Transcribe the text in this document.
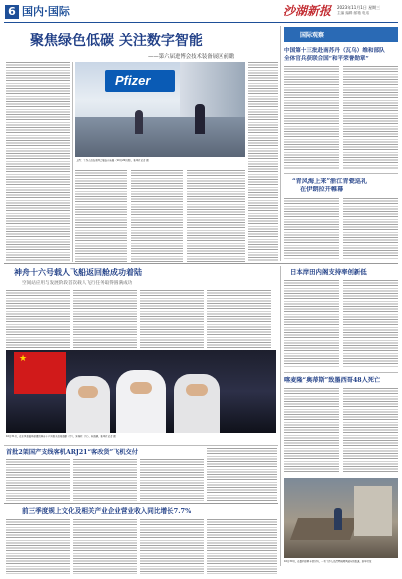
6 国内·国际	沙湖新报 2023年11月1日 星期三
主编 编辑 邮箱 电话
聚焦绿色低碳 关注数字智能
——第六届进博会技术装备展区前瞻
Pfizer
上图：工作人员在进博会展馆内布展（10月26日摄）。新华社记者 摄
国际观察
中国第十三批赴南苏丹（瓦乌）维和部队
全体官兵获联合国“和平荣誉勋章”
“青风海上来”浙江青瓷巡礼
在伊朗拉开帷幕
神舟十六号载人飞船返回舱成功着陆
空间站应用与发展阶段首次载人飞行任务取得圆满成功
★
10月31日，在东风着陆场拍摄的神舟十六号航天员景海鹏（中）、朱杨柱（左）、桂海潮。新华社记者 摄
日本岸田内阁支持率创新低
喀麦隆“奥蒂斯”致墨西哥48人死亡
首批2架国产支线客机ARJ21“客改货”飞机交付
前三季度规上文化及相关产业企业营业收入同比增长7.7%
10月30日，在墨西哥阿卡普尔科，一名工作人员清理被飓风破坏的街道。新华社发
